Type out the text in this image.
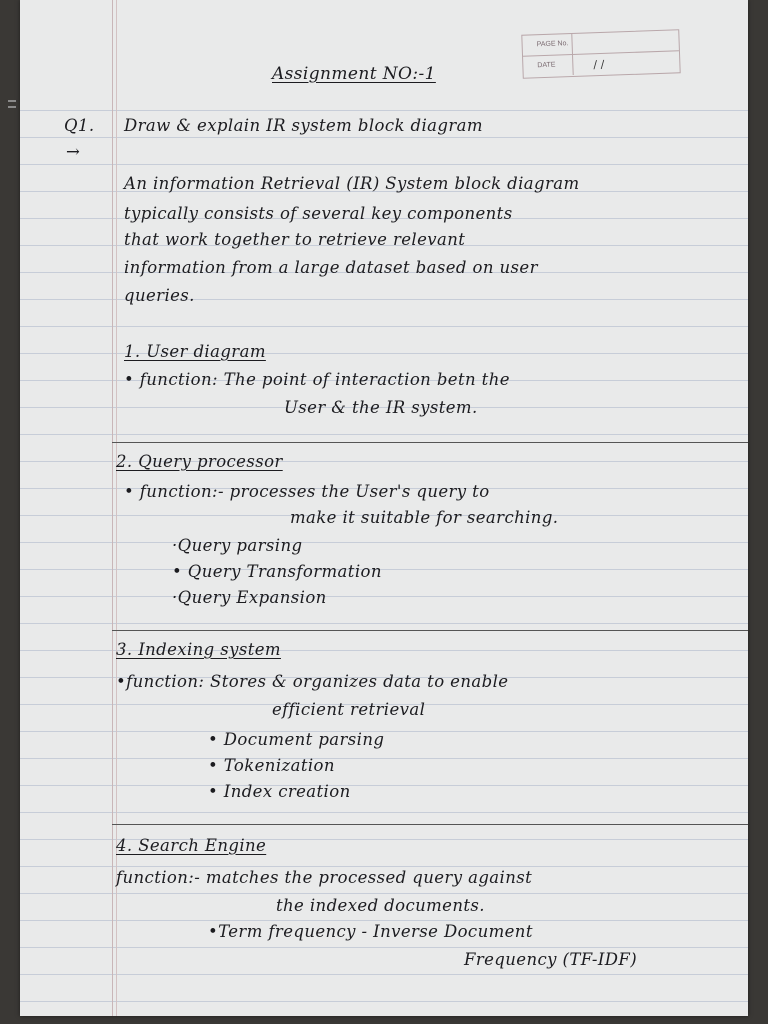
PAGE No.
DATE	/ /
Assignment NO:-1
Q1.
→
Draw & explain IR system block diagram
An information Retrieval (IR) System block diagram
typically consists of several key components
that work together to retrieve relevant
information from a large dataset based on user
queries.
1. User diagram
• function: The point of interaction betn the
User & the IR system.
2. Query processor
• function:- processes the User's query to
make it suitable for searching.
·Query parsing
• Query Transformation
·Query Expansion
3. Indexing system
•function: Stores & organizes data to enable
efficient retrieval
• Document parsing
• Tokenization
• Index creation
4. Search Engine
function:- matches the processed query against
the indexed documents.
•Term frequency - Inverse Document
Frequency (TF-IDF)
